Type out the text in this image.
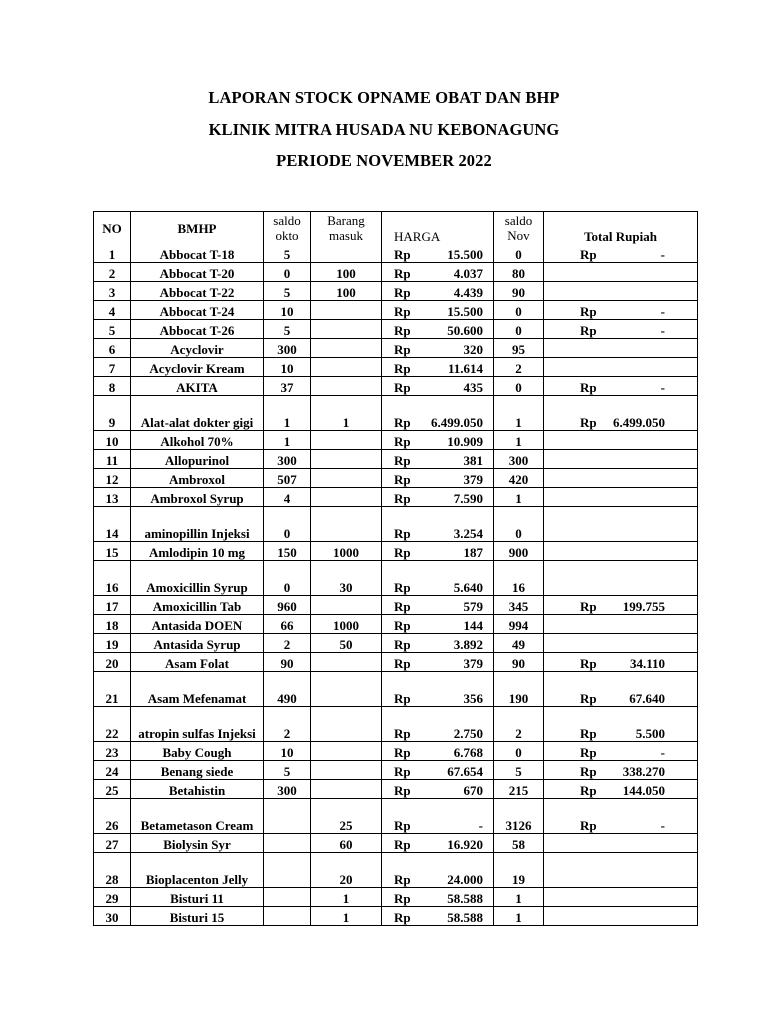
LAPORAN STOCK OPNAME OBAT DAN BHP
KLINIK MITRA HUSADA NU KEBONAGUNG
PERIODE NOVEMBER 2022
NO	BMHP	saldo okto	Barang masuk	HARGA	saldo Nov	Total Rupiah
1	Abbocat T-18	5		Rp 15.500	0	Rp -

2	Abbocat T-20	0	100	Rp 4.037	80	
3	Abbocat T-22	5	100	Rp 4.439	90	
4	Abbocat T-24	10		Rp 15.500	0	Rp -

5	Abbocat T-26	5		Rp 50.600	0	Rp -

6	Acyclovir	300		Rp 320	95	
7	Acyclovir Kream	10		Rp 11.614	2	
8	AKITA	37		Rp 435	0	Rp -

9	Alat-alat dokter gigi	1	1	Rp 6.499.050	1	Rp 6.499.050

10	Alkohol 70%	1		Rp 10.909	1	
11	Allopurinol	300		Rp 381	300	
12	Ambroxol	507		Rp 379	420	
13	Ambroxol Syrup	4		Rp 7.590	1	
14	aminopillin Injeksi	0		Rp 3.254	0	
15	Amlodipin 10 mg	150	1000	Rp 187	900	
16	Amoxicillin Syrup	0	30	Rp 5.640	16	
17	Amoxicillin Tab	960		Rp 579	345	Rp 199.755

18	Antasida DOEN	66	1000	Rp 144	994	
19	Antasida Syrup	2	50	Rp 3.892	49	
20	Asam Folat	90		Rp 379	90	Rp 34.110

21	Asam Mefenamat	490		Rp 356	190	Rp 67.640

22	atropin sulfas Injeksi	2		Rp 2.750	2	Rp 5.500

23	Baby Cough	10		Rp 6.768	0	Rp -

24	Benang siede	5		Rp 67.654	5	Rp 338.270

25	Betahistin	300		Rp 670	215	Rp 144.050

26	Betametason Cream		25	Rp -	3126	Rp -

27	Biolysin Syr		60	Rp 16.920	58	
28	Bioplacenton Jelly		20	Rp 24.000	19	
29	Bisturi 11		1	Rp 58.588	1	
30	Bisturi 15		1	Rp 58.588	1	
